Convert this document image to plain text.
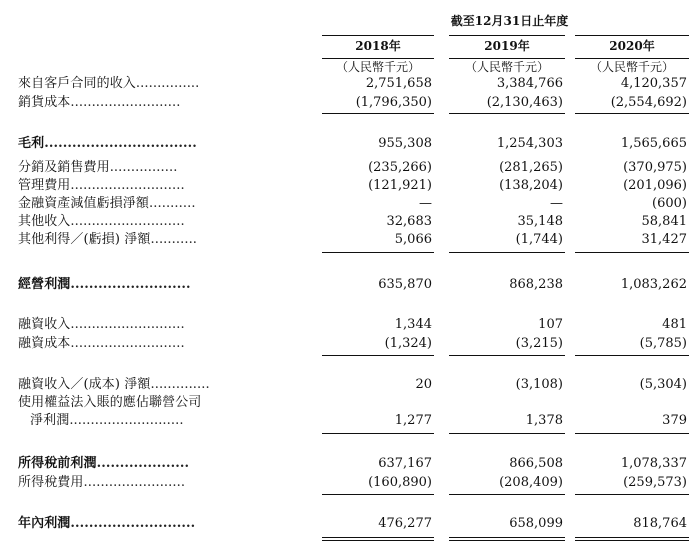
截至12月31日止年度
2018年	2019年	2020年
（人民幣千元）	（人民幣千元）	（人民幣千元）
來自客戶合同的收入...............	2,751,658	3,384,766	4,120,357
銷貨成本..........................	(1,796,350)	(2,130,463)	(2,554,692)
毛利.................................	955,308	1,254,303	1,565,665
分銷及銷售費用................	(235,266)	(281,265)	(370,975)
管理費用...........................	(121,921)	(138,204)	(201,096)
金融資產減值虧損淨額...........	—	—	(600)
其他收入...........................	32,683	35,148	58,841
其他利得／(虧損) 淨額...........	5,066	(1,744)	31,427
經營利潤..........................	635,870	868,238	1,083,262
融資收入...........................	1,344	107	481
融資成本...........................	(1,324)	(3,215)	(5,785)
融資收入／(成本) 淨額..............	20	(3,108)	(5,304)
使用權益法入賬的應佔聯營公司
淨利潤...........................	1,277	1,378	379
所得稅前利潤....................	637,167	866,508	1,078,337
所得稅費用........................	(160,890)	(208,409)	(259,573)
年內利潤...........................	476,277	658,099	818,764
